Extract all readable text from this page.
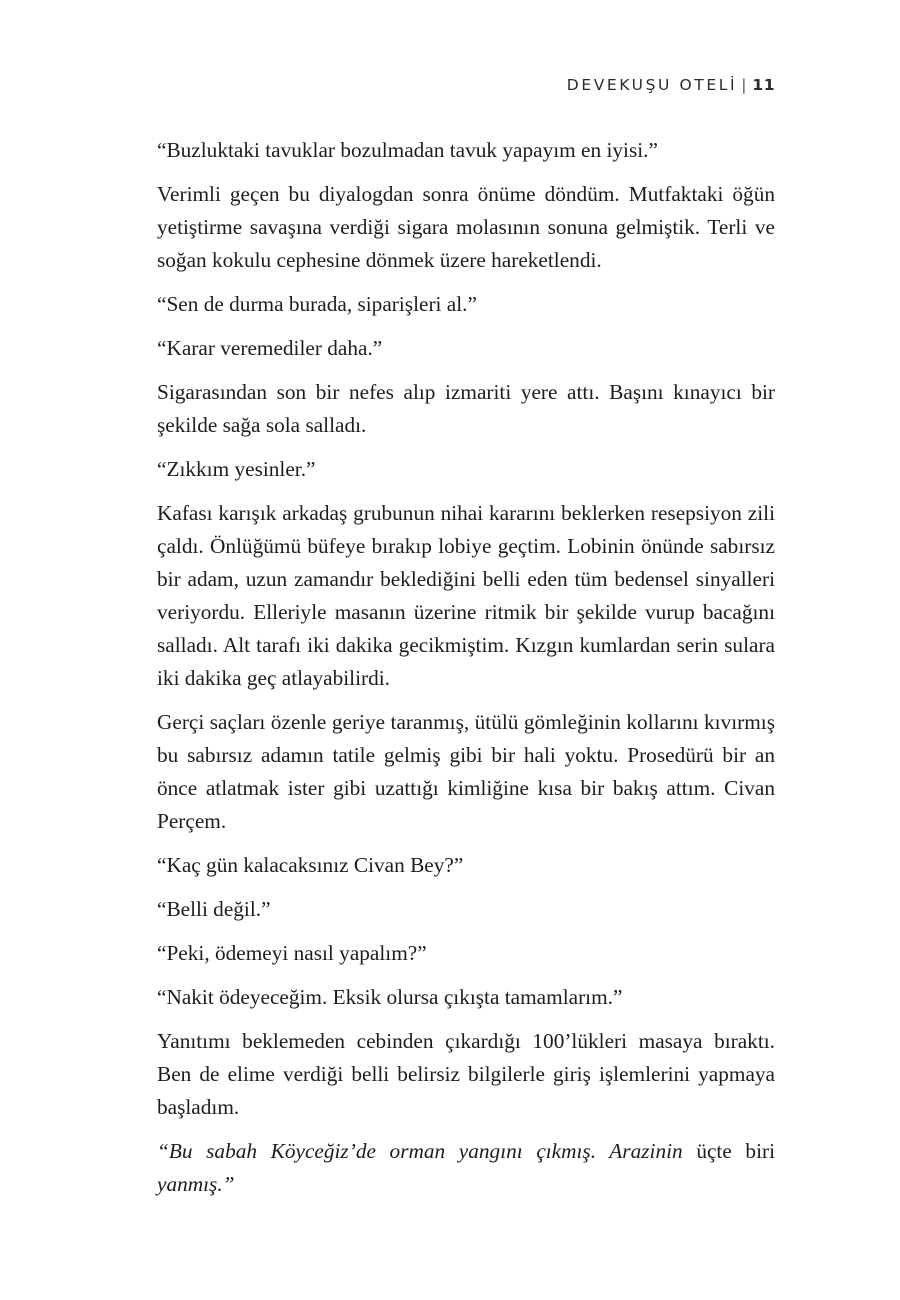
DEVEKUŞU OTELİ | 11

“Buzluktaki tavuklar bozulmadan tavuk yapayım en iyisi.”

Verimli geçen bu diyalogdan sonra önüme döndüm. Mutfaktaki öğün yetiştirme savaşına verdiği sigara molasının sonuna gelmiştik. Terli ve soğan kokulu cephesine dönmek üzere hareketlendi.

“Sen de durma burada, siparişleri al.”

“Karar veremediler daha.”

Sigarasından son bir nefes alıp izmariti yere attı. Başını kınayıcı bir şekilde sağa sola salladı.

“Zıkkım yesinler.”

Kafası karışık arkadaş grubunun nihai kararını beklerken resepsiyon zili çaldı. Önlüğümü büfeye bırakıp lobiye geçtim. Lobinin önünde sabırsız bir adam, uzun zamandır beklediğini belli eden tüm bedensel sinyalleri veriyordu. Elleriyle masanın üzerine ritmik bir şekilde vurup bacağını salladı. Alt tarafı iki dakika gecikmiştim. Kızgın kumlardan serin sulara iki dakika geç atlayabilirdi.

Gerçi saçları özenle geriye taranmış, ütülü gömleğinin kollarını kıvırmış bu sabırsız adamın tatile gelmiş gibi bir hali yoktu. Prosedürü bir an önce atlatmak ister gibi uzattığı kimliğine kısa bir bakış attım. Civan Perçem.

“Kaç gün kalacaksınız Civan Bey?”

“Belli değil.”

“Peki, ödemeyi nasıl yapalım?”

“Nakit ödeyeceğim. Eksik olursa çıkışta tamamlarım.”

Yanıtımı beklemeden cebinden çıkardığı 100’lükleri masaya bıraktı. Ben de elime verdiği belli belirsiz bilgilerle giriş işlemlerini yapmaya başladım.

“Bu sabah Köyceğiz’de orman yangını çıkmış. Arazinin üçte biri yanmış.”
